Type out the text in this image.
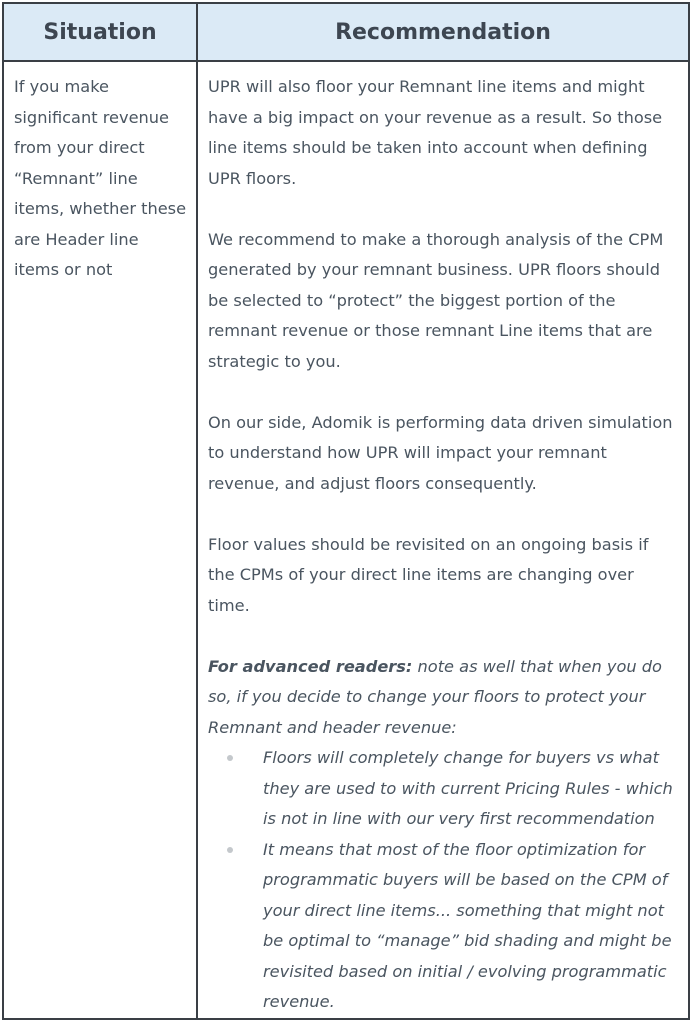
Situation	Recommendation
If you make significant revenue from your direct “Remnant” line items, whether these are Header line items or not

UPR will also floor your Remnant line items and might have a big impact on your revenue as a result. So those line items should be taken into account when defining UPR floors.

We recommend to make a thorough analysis of the CPM generated by your remnant business. UPR floors should be selected to “protect” the biggest portion of the remnant revenue or those remnant Line items that are strategic to you.

On our side, Adomik is performing data driven simulation to understand how UPR will impact your remnant revenue, and adjust floors consequently.

Floor values should be revisited on an ongoing basis if the CPMs of your direct line items are changing over time.

For advanced readers: note as well that when you do so, if you decide to change your floors to protect your Remnant and header revenue:
Floors will completely change for buyers vs what they are used to with current Pricing Rules - which is not in line with our very first recommendation
It means that most of the floor optimization for programmatic buyers will be based on the CPM of your direct line items... something that might not be optimal to “manage” bid shading and might be revisited based on initial / evolving programmatic revenue.
